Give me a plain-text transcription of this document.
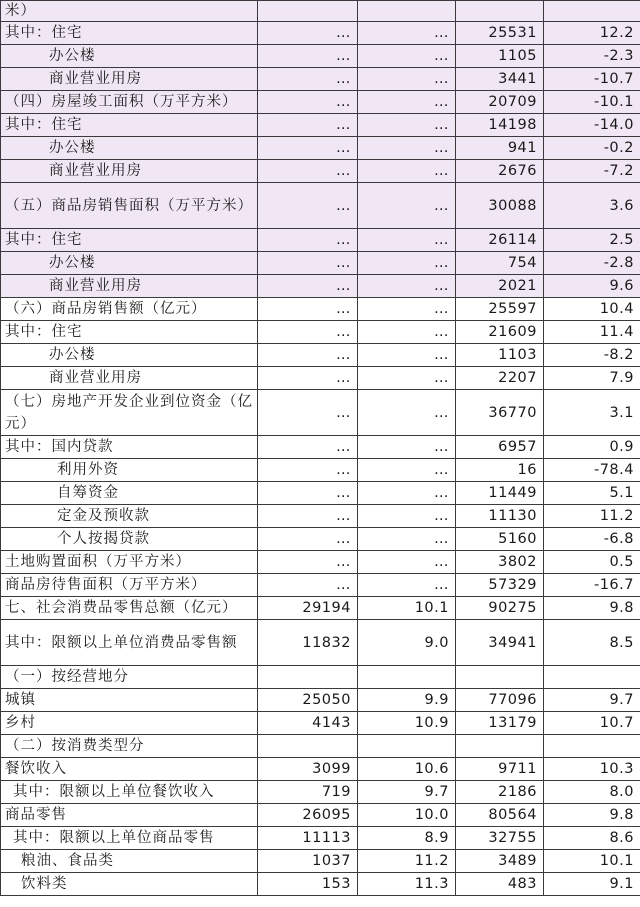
米）				
其中：住宅	…	…	25531	12.2
办公楼	…	…	1105	-2.3
商业营业用房	…	…	3441	-10.7
（四）房屋竣工面积（万平方米）	…	…	20709	-10.1
其中：住宅	…	…	14198	-14.0
办公楼	…	…	941	-0.2
商业营业用房	…	…	2676	-7.2
（五）商品房销售面积（万平方米）	…	…	30088	3.6
其中：住宅	…	…	26114	2.5
办公楼	…	…	754	-2.8
商业营业用房	…	…	2021	9.6
（六）商品房销售额（亿元）	…	…	25597	10.4
其中：住宅	…	…	21609	11.4
办公楼	…	…	1103	-8.2
商业营业用房	…	…	2207	7.9
（七）房地产开发企业到位资金（亿元）	…	…	36770	3.1
其中：国内贷款	…	…	6957	0.9
利用外资	…	…	16	-78.4
自筹资金	…	…	11449	5.1
定金及预收款	…	…	11130	11.2
个人按揭贷款	…	…	5160	-6.8
土地购置面积（万平方米）	…	…	3802	0.5
商品房待售面积（万平方米）	…	…	57329	-16.7
七、社会消费品零售总额（亿元）	29194	10.1	90275	9.8
其中：限额以上单位消费品零售额	11832	9.0	34941	8.5
（一）按经营地分				
城镇	25050	9.9	77096	9.7
乡村	4143	10.9	13179	10.7
（二）按消费类型分				
餐饮收入	3099	10.6	9711	10.3
其中：限额以上单位餐饮收入	719	9.7	2186	8.0
商品零售	26095	10.0	80564	9.8
其中：限额以上单位商品零售	11113	8.9	32755	8.6
粮油、食品类	1037	11.2	3489	10.1
饮料类	153	11.3	483	9.1
